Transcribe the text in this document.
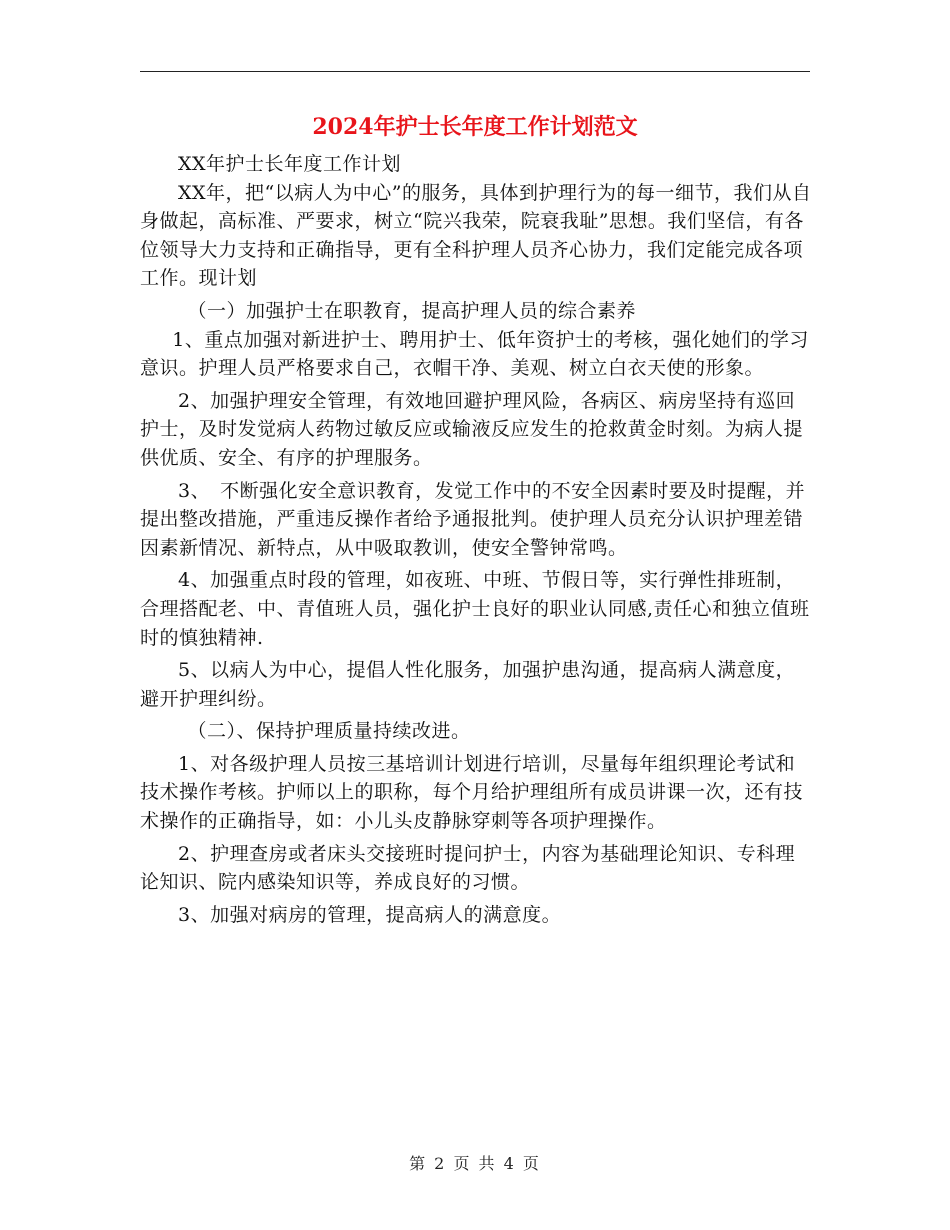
2024年护士长年度工作计划范文

XX年护士长年度工作计划

XX年，把“以病人为中心”的服务，具体到护理行为的每一细节，我们从自身做起，高标准、严要求，树立“院兴我荣，院衰我耻”思想。我们坚信，有各位领导大力支持和正确指导，更有全科护理人员齐心协力，我们定能完成各项工作。现计划

（一）加强护士在职教育，提高护理人员的综合素养

1、重点加强对新进护士、聘用护士、低年资护士的考核，强化她们的学习意识。护理人员严格要求自己，衣帽干净、美观、树立白衣天使的形象。

2、加强护理安全管理，有效地回避护理风险，各病区、病房坚持有巡回护士，及时发觉病人药物过敏反应或输液反应发生的抢救黄金时刻。为病人提供优质、安全、有序的护理服务。

3、　不断强化安全意识教育，发觉工作中的不安全因素时要及时提醒，并提出整改措施，严重违反操作者给予通报批判。使护理人员充分认识护理差错因素新情况、新特点，从中吸取教训，使安全警钟常鸣。

4、加强重点时段的管理，如夜班、中班、节假日等，实行弹性排班制，合理搭配老、中、青值班人员，强化护士良好的职业认同感,责任心和独立值班时的慎独精神.

5、以病人为中心，提倡人性化服务，加强护患沟通，提高病人满意度，避开护理纠纷。

（二）、保持护理质量持续改进。

1、对各级护理人员按三基培训计划进行培训，尽量每年组织理论考试和技术操作考核。护师以上的职称，每个月给护理组所有成员讲课一次，还有技术操作的正确指导，如：小儿头皮静脉穿刺等各项护理操作。

2、护理查房或者床头交接班时提问护士，内容为基础理论知识、专科理论知识、院内感染知识等，养成良好的习惯。

3、加强对病房的管理，提高病人的满意度。

第 2 页 共 4 页
